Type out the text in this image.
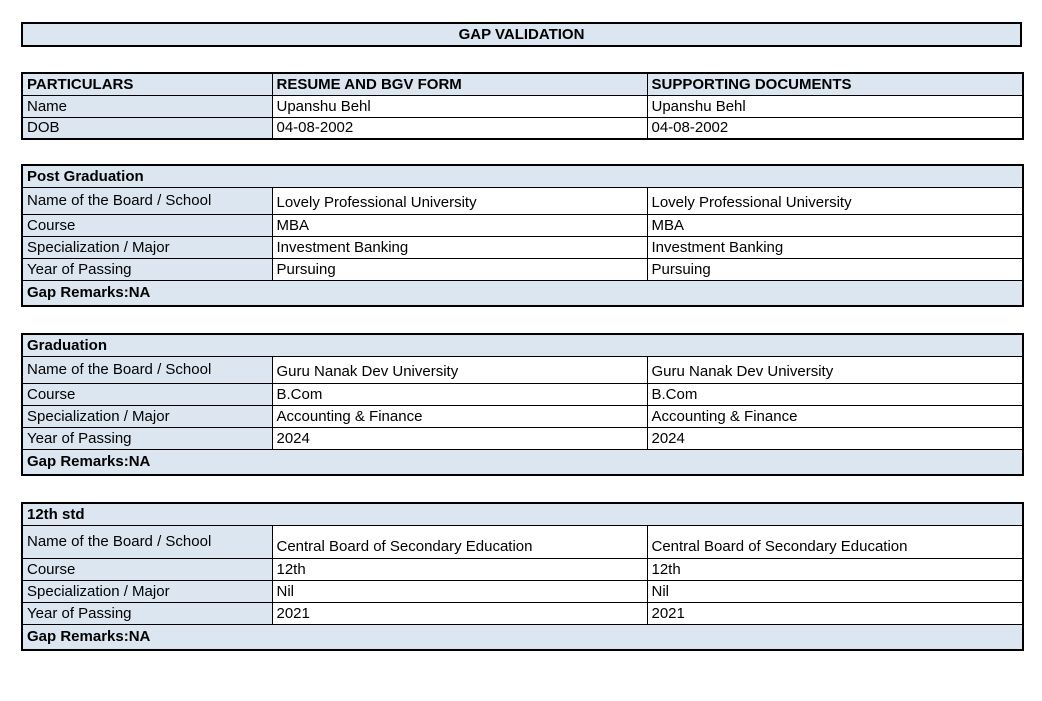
GAP VALIDATION
PARTICULARS	RESUME AND BGV FORM	SUPPORTING DOCUMENTS
Name	Upanshu Behl	Upanshu Behl
DOB	04-08-2002	04-08-2002
Post Graduation		
Name of the Board / School	Lovely Professional University	Lovely Professional University
Course	MBA	MBA
Specialization / Major	Investment Banking	Investment Banking
Year of Passing	Pursuing	Pursuing
Gap Remarks:NA		
Graduation		
Name of the Board / School	Guru Nanak Dev University	Guru Nanak Dev University
Course	B.Com	B.Com
Specialization / Major	Accounting & Finance	Accounting & Finance
Year of Passing	2024	2024
Gap Remarks:NA		
12th std		
Name of the Board / School	Central Board of Secondary Education	Central Board of Secondary Education
Course	12th	12th
Specialization / Major	Nil	Nil
Year of Passing	2021	2021
Gap Remarks:NA		
